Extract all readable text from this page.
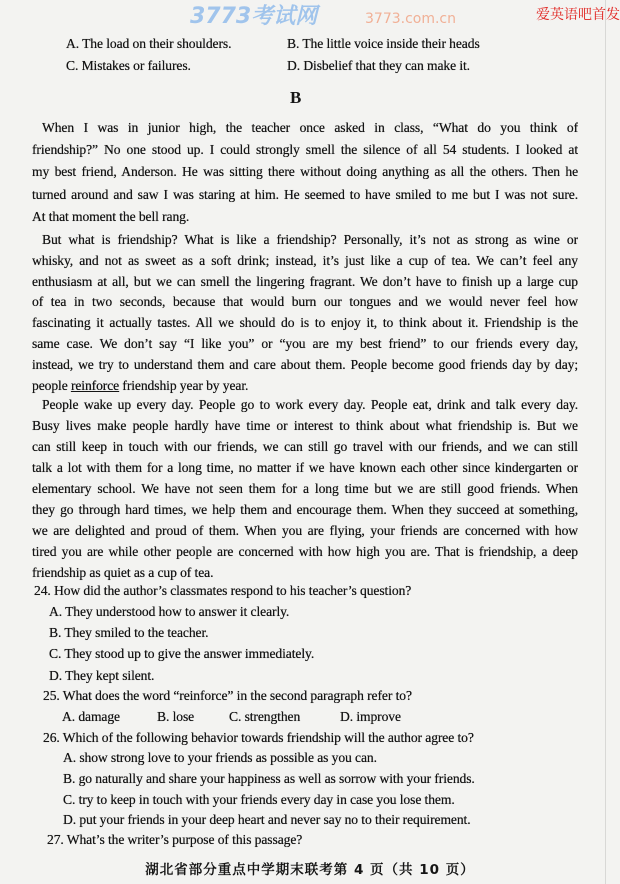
爱英语吧首发
3773考试网	3773.com.cn
B
A. The load on their shoulders.	B. The little voice inside their heads
C. Mistakes or failures.	D. Disbelief that they can make it.
When I was in junior high, the teacher once asked in class, “What do you think of
friendship?” No one stood up. I could strongly smell the silence of all 54 students. I looked at
my best friend, Anderson. He was sitting there without doing anything as all the others. Then he
turned around and saw I was staring at him. He seemed to have smiled to me but I was not sure.
At that moment the bell rang.
But what is friendship? What is like a friendship? Personally, it’s not as strong as wine or
whisky, and not as sweet as a soft drink; instead, it’s just like a cup of tea. We can’t feel any
enthusiasm at all, but we can smell the lingering fragrant. We don’t have to finish up a large cup
of tea in two seconds, because that would burn our tongues and we would never feel how
fascinating it actually tastes. All we should do is to enjoy it, to think about it. Friendship is the
same case. We don’t say “I like you” or “you are my best friend” to our friends every day,
instead, we try to understand them and care about them. People become good friends day by day;
people reinforce friendship year by year.
People wake up every day. People go to work every day. People eat, drink and talk every day.
Busy lives make people hardly have time or interest to think about what friendship is. But we
can still keep in touch with our friends, we can still go travel with our friends, and we can still
talk a lot with them for a long time, no matter if we have known each other since kindergarten or
elementary school. We have not seen them for a long time but we are still good friends. When
they go through hard times, we help them and encourage them. When they succeed at something,
we are delighted and proud of them. When you are flying, your friends are concerned with how
tired you are while other people are concerned with how high you are. That is friendship, a deep
friendship as quiet as a cup of tea.
24. How did the author’s classmates respond to his teacher’s question?
A. They understood how to answer it clearly.
B. They smiled to the teacher.
C. They stood up to give the answer immediately.
D. They kept silent.
25. What does the word “reinforce” in the second paragraph refer to?
A. damage	B. lose	C. strengthen	D. improve
26. Which of the following behavior towards friendship will the author agree to?
A. show strong love to your friends as possible as you can.
B. go naturally and share your happiness as well as sorrow with your friends.
C. try to keep in touch with your friends every day in case you lose them.
D. put your friends in your deep heart and never say no to their requirement.
27. What’s the writer’s purpose of this passage?
湖北省部分重点中学期末联考第 4 页（共 10 页）
